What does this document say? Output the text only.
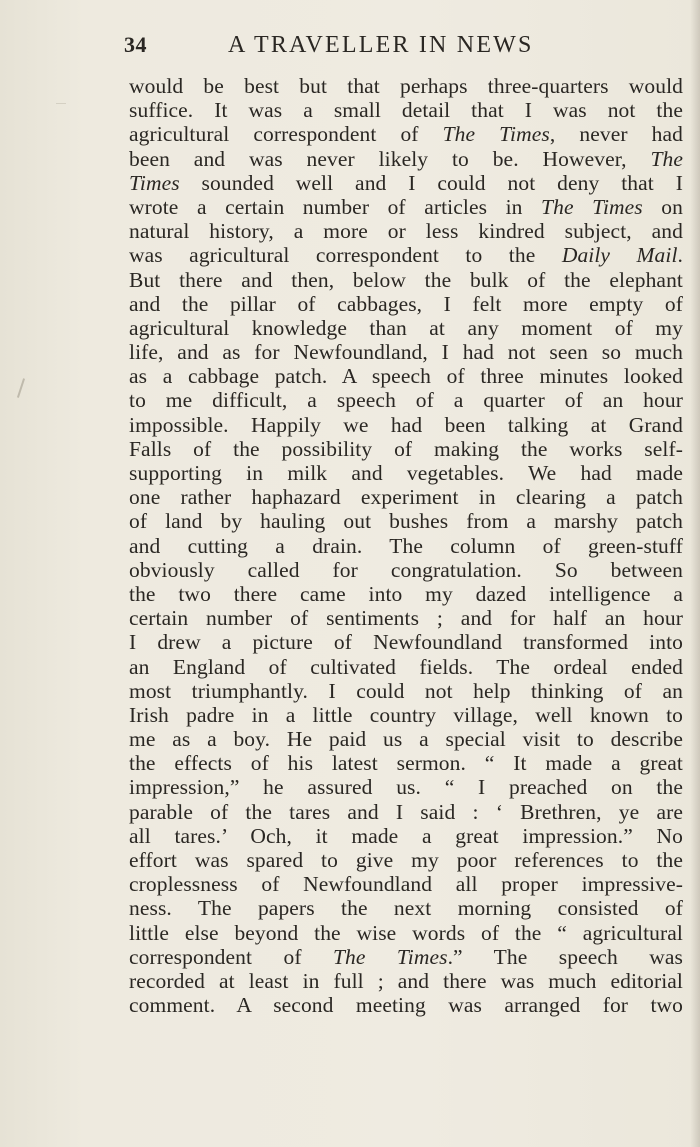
34	A TRAVELLER IN NEWS
would be best but that perhaps three-quarters would
suffice. It was a small detail that I was not the
agricultural correspondent of The Times, never had
been and was never likely to be. However, The
Times sounded well and I could not deny that I
wrote a certain number of articles in The Times on
natural history, a more or less kindred subject, and
was agricultural correspondent to the Daily Mail.
But there and then, below the bulk of the elephant
and the pillar of cabbages, I felt more empty of
agricultural knowledge than at any moment of my
life, and as for Newfoundland, I had not seen so much
as a cabbage patch. A speech of three minutes looked
to me difficult, a speech of a quarter of an hour
impossible. Happily we had been talking at Grand
Falls of the possibility of making the works self-
supporting in milk and vegetables. We had made
one rather haphazard experiment in clearing a patch
of land by hauling out bushes from a marshy patch
and cutting a drain. The column of green-stuff
obviously called for congratulation. So between
the two there came into my dazed intelligence a
certain number of sentiments ; and for half an hour
I drew a picture of Newfoundland transformed into
an England of cultivated fields. The ordeal ended
most triumphantly. I could not help thinking of an
Irish padre in a little country village, well known to
me as a boy. He paid us a special visit to describe
the effects of his latest sermon. “ It made a great
impression,” he assured us. “ I preached on the
parable of the tares and I said : ‘ Brethren, ye are
all tares.’ Och, it made a great impression.” No
effort was spared to give my poor references to the
croplessness of Newfoundland all proper impressive-
ness. The papers the next morning consisted of
little else beyond the wise words of the “ agricultural
correspondent of The Times.” The speech was
recorded at least in full ; and there was much editorial
comment. A second meeting was arranged for two
